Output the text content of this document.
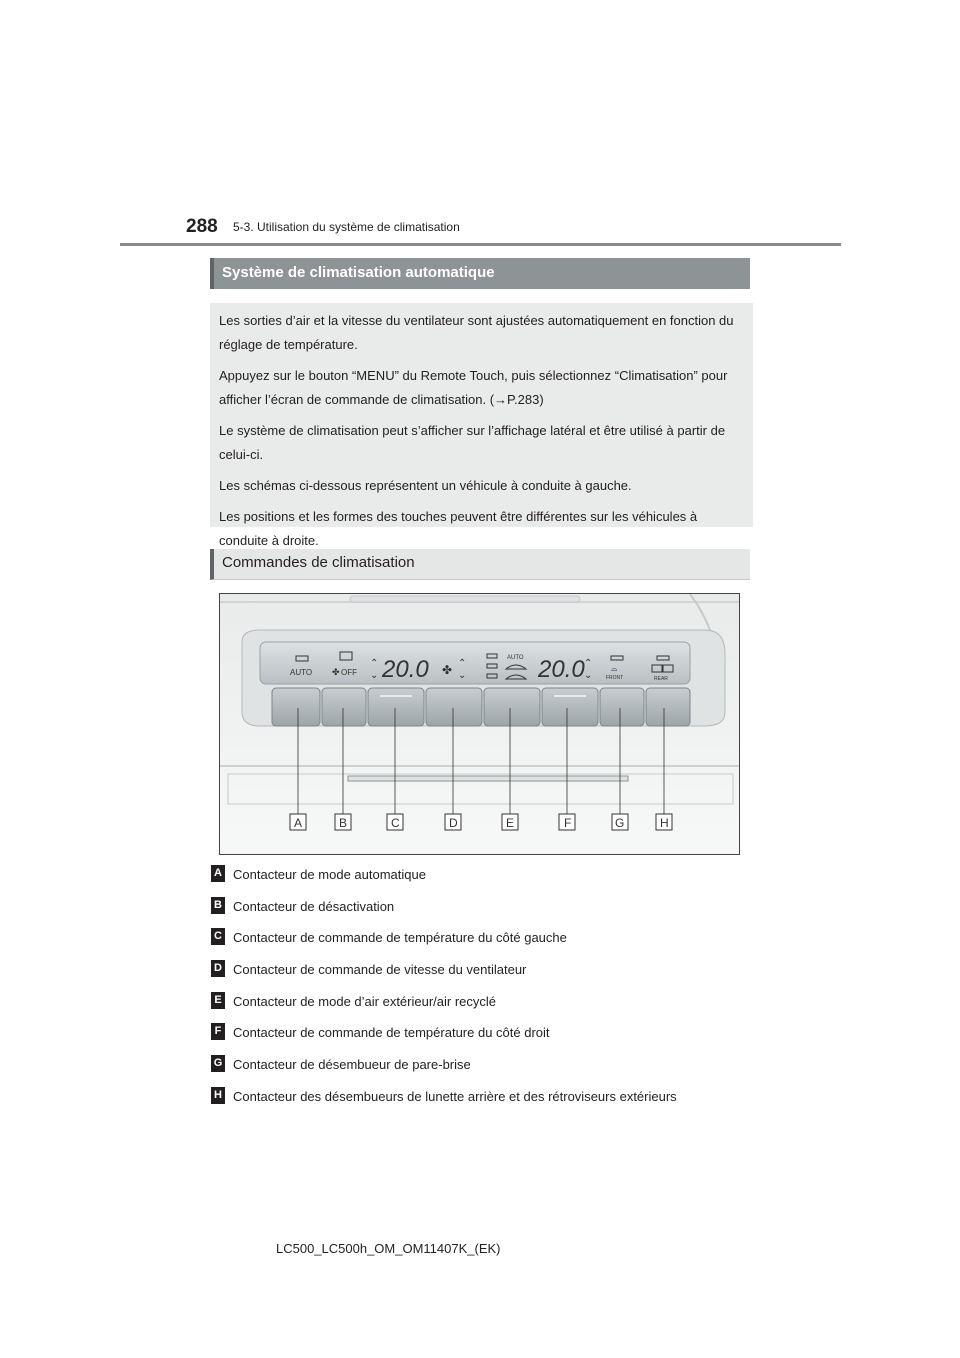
288 5-3. Utilisation du système de climatisation
Système de climatisation automatique

Les sorties d’air et la vitesse du ventilateur sont ajustées automatiquement en fonction du réglage de température.

Appuyez sur le bouton “MENU” du Remote Touch, puis sélectionnez “Climatisation” pour afficher l’écran de commande de climatisation. (→P.283)

Le système de climatisation peut s’afficher sur l’affichage latéral et être utilisé à partir de celui-ci.

Les schémas ci-dessous représentent un véhicule à conduite à gauche.

Les positions et les formes des touches peuvent être différentes sur les véhicules à conduite à droite.

Commandes de climatisation
AUTO ✤ OFF
⌃
⌄ 20.0 ✤ ⌃
⌄
AUTO 20.0 ⌃
⌄
⌓
FRONT	REAR
A	B	C	D	E	F	G	H
A Contacteur de mode automatique
B Contacteur de désactivation
C Contacteur de commande de température du côté gauche
D Contacteur de commande de vitesse du ventilateur
E Contacteur de mode d’air extérieur/air recyclé
F Contacteur de commande de température du côté droit
G Contacteur de désembueur de pare-brise
H Contacteur des désembueurs de lunette arrière et des rétroviseurs extérieurs
LC500_LC500h_OM_OM11407K_(EK)
